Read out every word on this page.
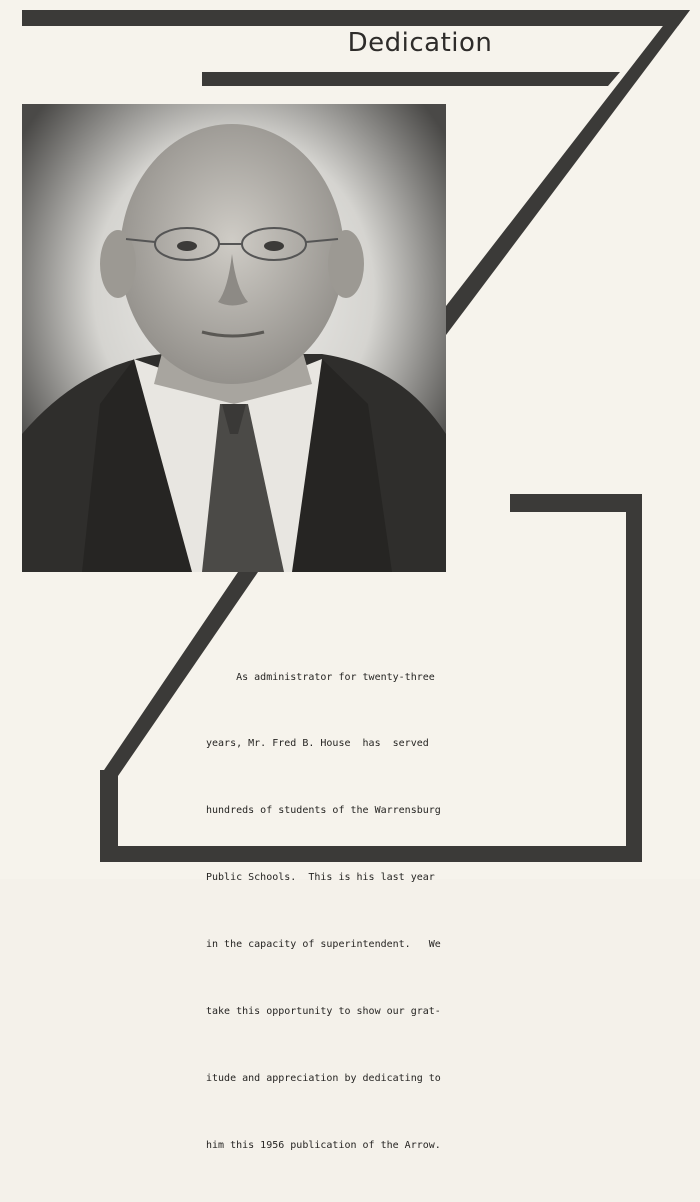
Dedication

As administrator for twenty-three

years, Mr. Fred B. House  has  served

hundreds of students of the Warrensburg

Public Schools.  This is his last year

in the capacity of superintendent.   We

take this opportunity to show our grat-

itude and appreciation by dedicating to

him this 1956 publication of the Arrow.
